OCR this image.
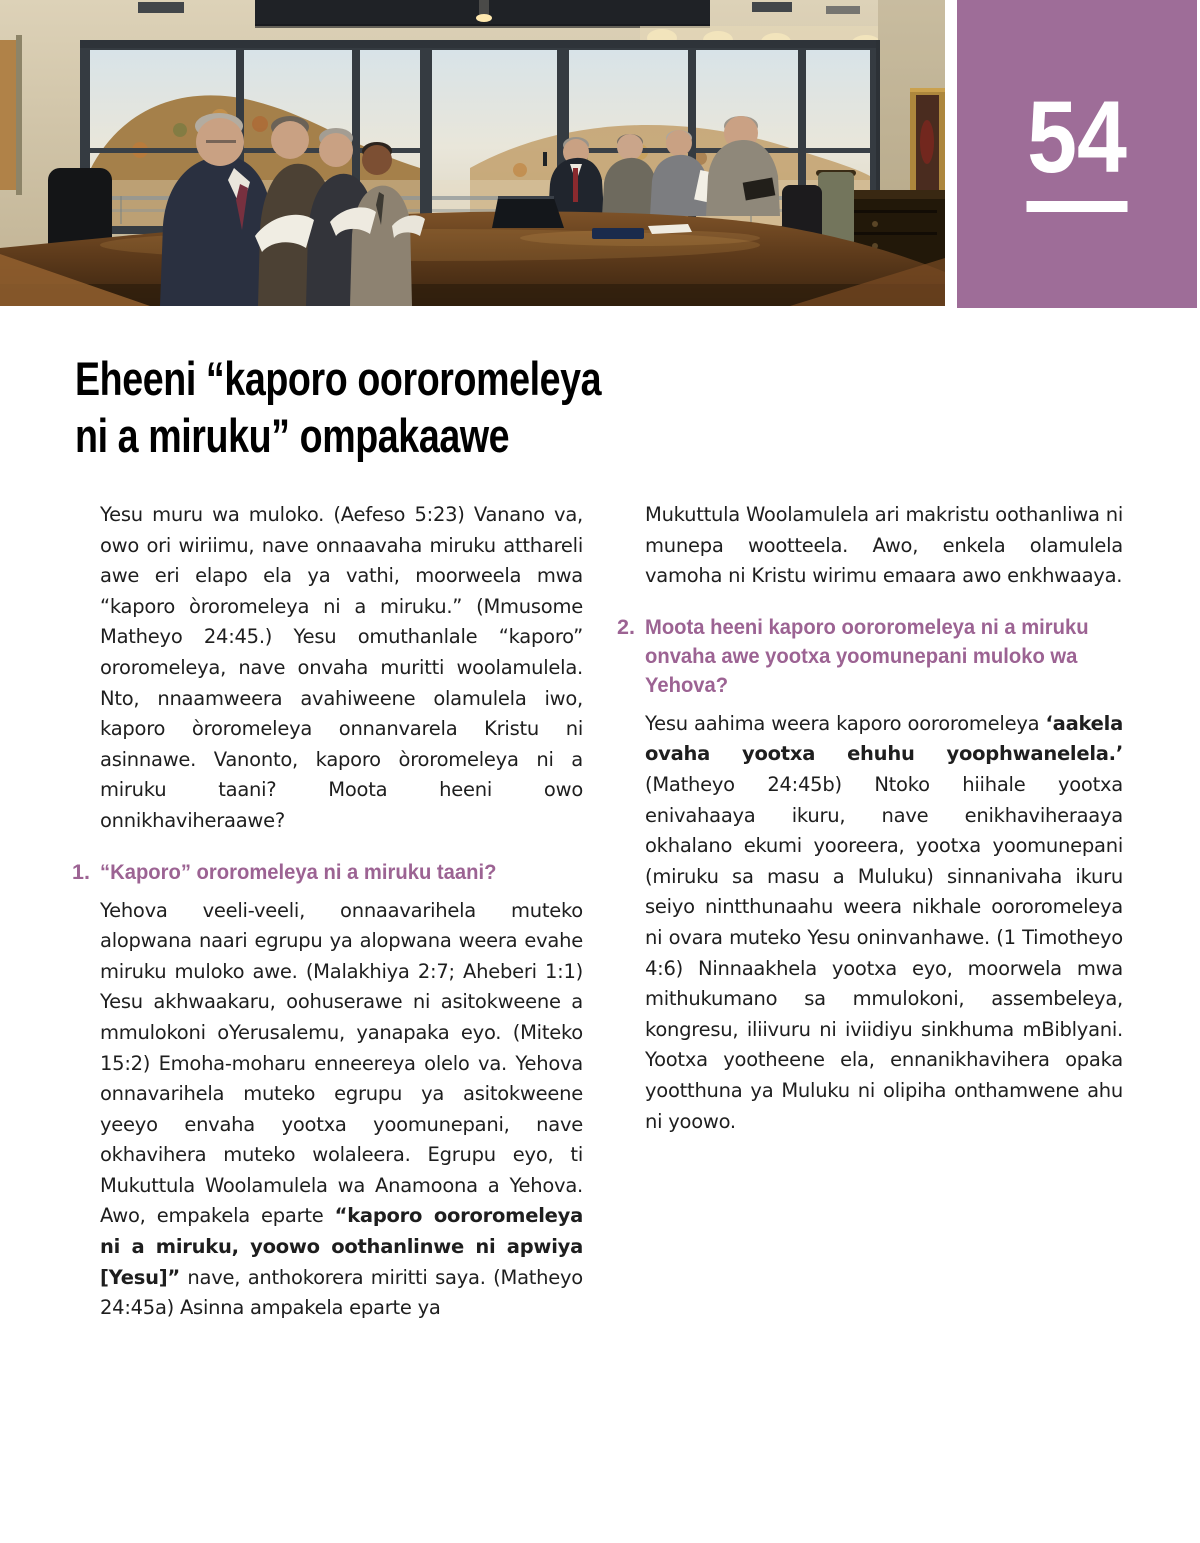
54
Eheeni “kaporo oororomeleya
ni a miruku” ompakaawe

Yesu muru wa muloko. (Aefeso 5:23) Vanano va, owo ori wiriimu, nave onnaavaha miruku atthareli awe eri elapo ela ya vathi, moorweela mwa “kaporo òroromeleya ni a miruku.” (Mmusome Matheyo 24:45.) Yesu omuthanlale “kaporo” ororomeleya, nave onvaha muritti woolamulela. Nto, nnaamweera avahiweene olamulela iwo, kaporo òroromeleya onnanvarela Kristu ni asinnawe. Vanonto, kaporo òroromeleya ni a miruku taani? Moota heeni owo onnikhaviheraawe?

1. “Kaporo” ororomeleya ni a miruku taani?

Yehova veeli-veeli, onnaavarihela muteko alopwana naari egrupu ya alopwana weera evahe miruku muloko awe. (Malakhiya 2:7; Aheberi 1:1) Yesu akhwaakaru, oohuserawe ni asitokweene a mmulokoni oYerusalemu, yanapaka eyo. (Miteko 15:2) Emoha-moharu enneereya olelo va. Yehova onnavarihela muteko egrupu ya asitokweene yeeyo envaha yootxa yoomunepani, nave okhavihera muteko wolaleera. Egrupu eyo, ti Mukuttula Woolamulela wa Anamoona a Yehova. Awo, empakela eparte “kaporo oororomeleya ni a miruku, yoowo oothanlinwe ni apwiya [Yesu]” nave, anthokorera miritti saya. (Matheyo 24:45a) Asinna ampakela eparte ya

Mukuttula Woolamulela ari makristu oothanliwa ni munepa wootteela. Awo, enkela olamulela vamoha ni Kristu wirimu emaara awo enkhwaaya.

2. Moota heeni kaporo oororomeleya ni a miruku onvaha awe yootxa yoomunepani muloko wa Yehova?

Yesu aahima weera kaporo oororomeleya ‘aakela ovaha yootxa ehuhu yoophwanelela.’ (Matheyo 24:45b) Ntoko hiihale yootxa enivahaaya ikuru, nave enikhaviheraaya okhalano ekumi yooreera, yootxa yoomunepani (miruku sa masu a Muluku) sinnanivaha ikuru seiyo nintthunaahu weera nikhale oororomeleya ni ovara muteko Yesu oninvanhawe. (1 Timotheyo 4:6) Ninnaakhela yootxa eyo, moorwela mwa mithukumano sa mmulokoni, assembeleya, kongresu, iliivuru ni iviidiyu sinkhuma mBiblyani. Yootxa yootheene ela, ennanikhavihera opaka yootthuna ya Muluku ni olipiha onthamwene ahu ni yoowo.
